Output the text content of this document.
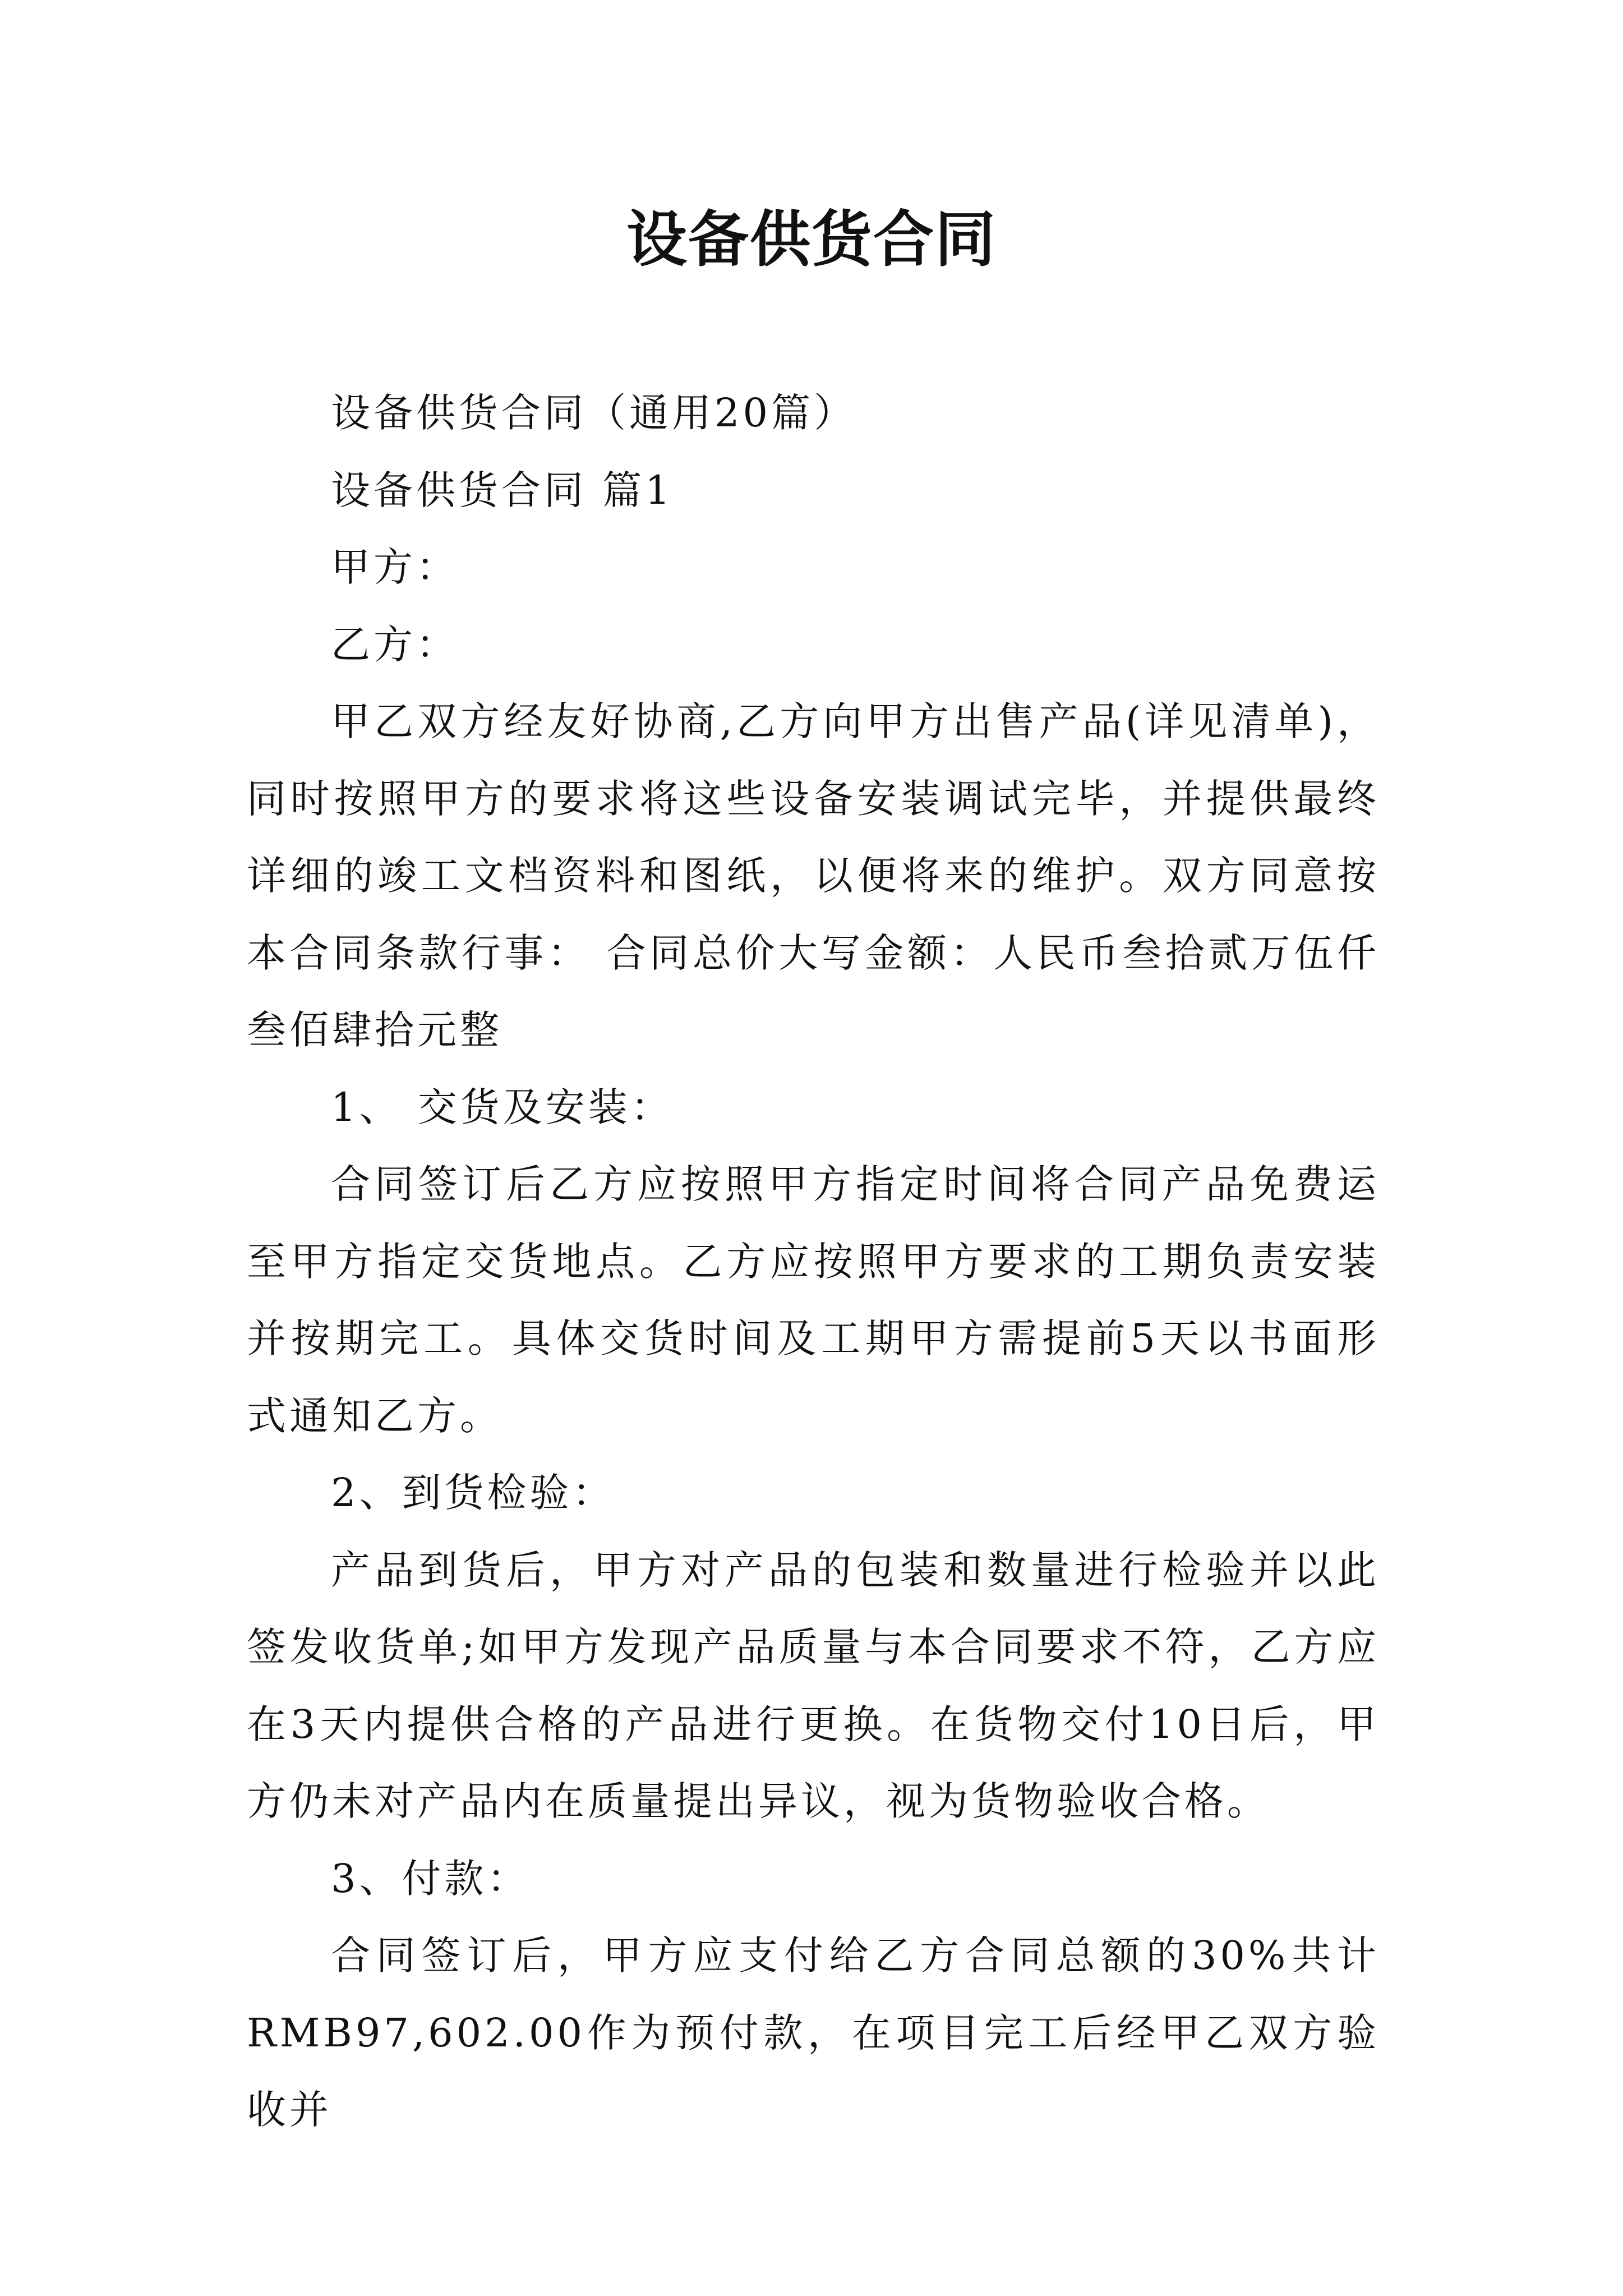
设备供货合同

设备供货合同（通用20篇）

设备供货合同 篇1

甲方：

乙方：

甲乙双方经友好协商,乙方向甲方出售产品(详见清单)，同时按照甲方的要求将这些设备安装调试完毕，并提供最终详细的竣工文档资料和图纸，以便将来的维护。双方同意按本合同条款行事： 合同总价大写金额：人民币叁拾贰万伍仟叁佰肆拾元整

1、 交货及安装：

合同签订后乙方应按照甲方指定时间将合同产品免费运至甲方指定交货地点。乙方应按照甲方要求的工期负责安装并按期完工。具体交货时间及工期甲方需提前5天以书面形式通知乙方。

2、到货检验：

产品到货后，甲方对产品的包装和数量进行检验并以此签发收货单;如甲方发现产品质量与本合同要求不符，乙方应在3天内提供合格的产品进行更换。在货物交付10日后，甲方仍未对产品内在质量提出异议，视为货物验收合格。

3、付款：

合同签订后，甲方应支付给乙方合同总额的30%共计RMB97,602.00作为预付款，在项目完工后经甲乙双方验收并
